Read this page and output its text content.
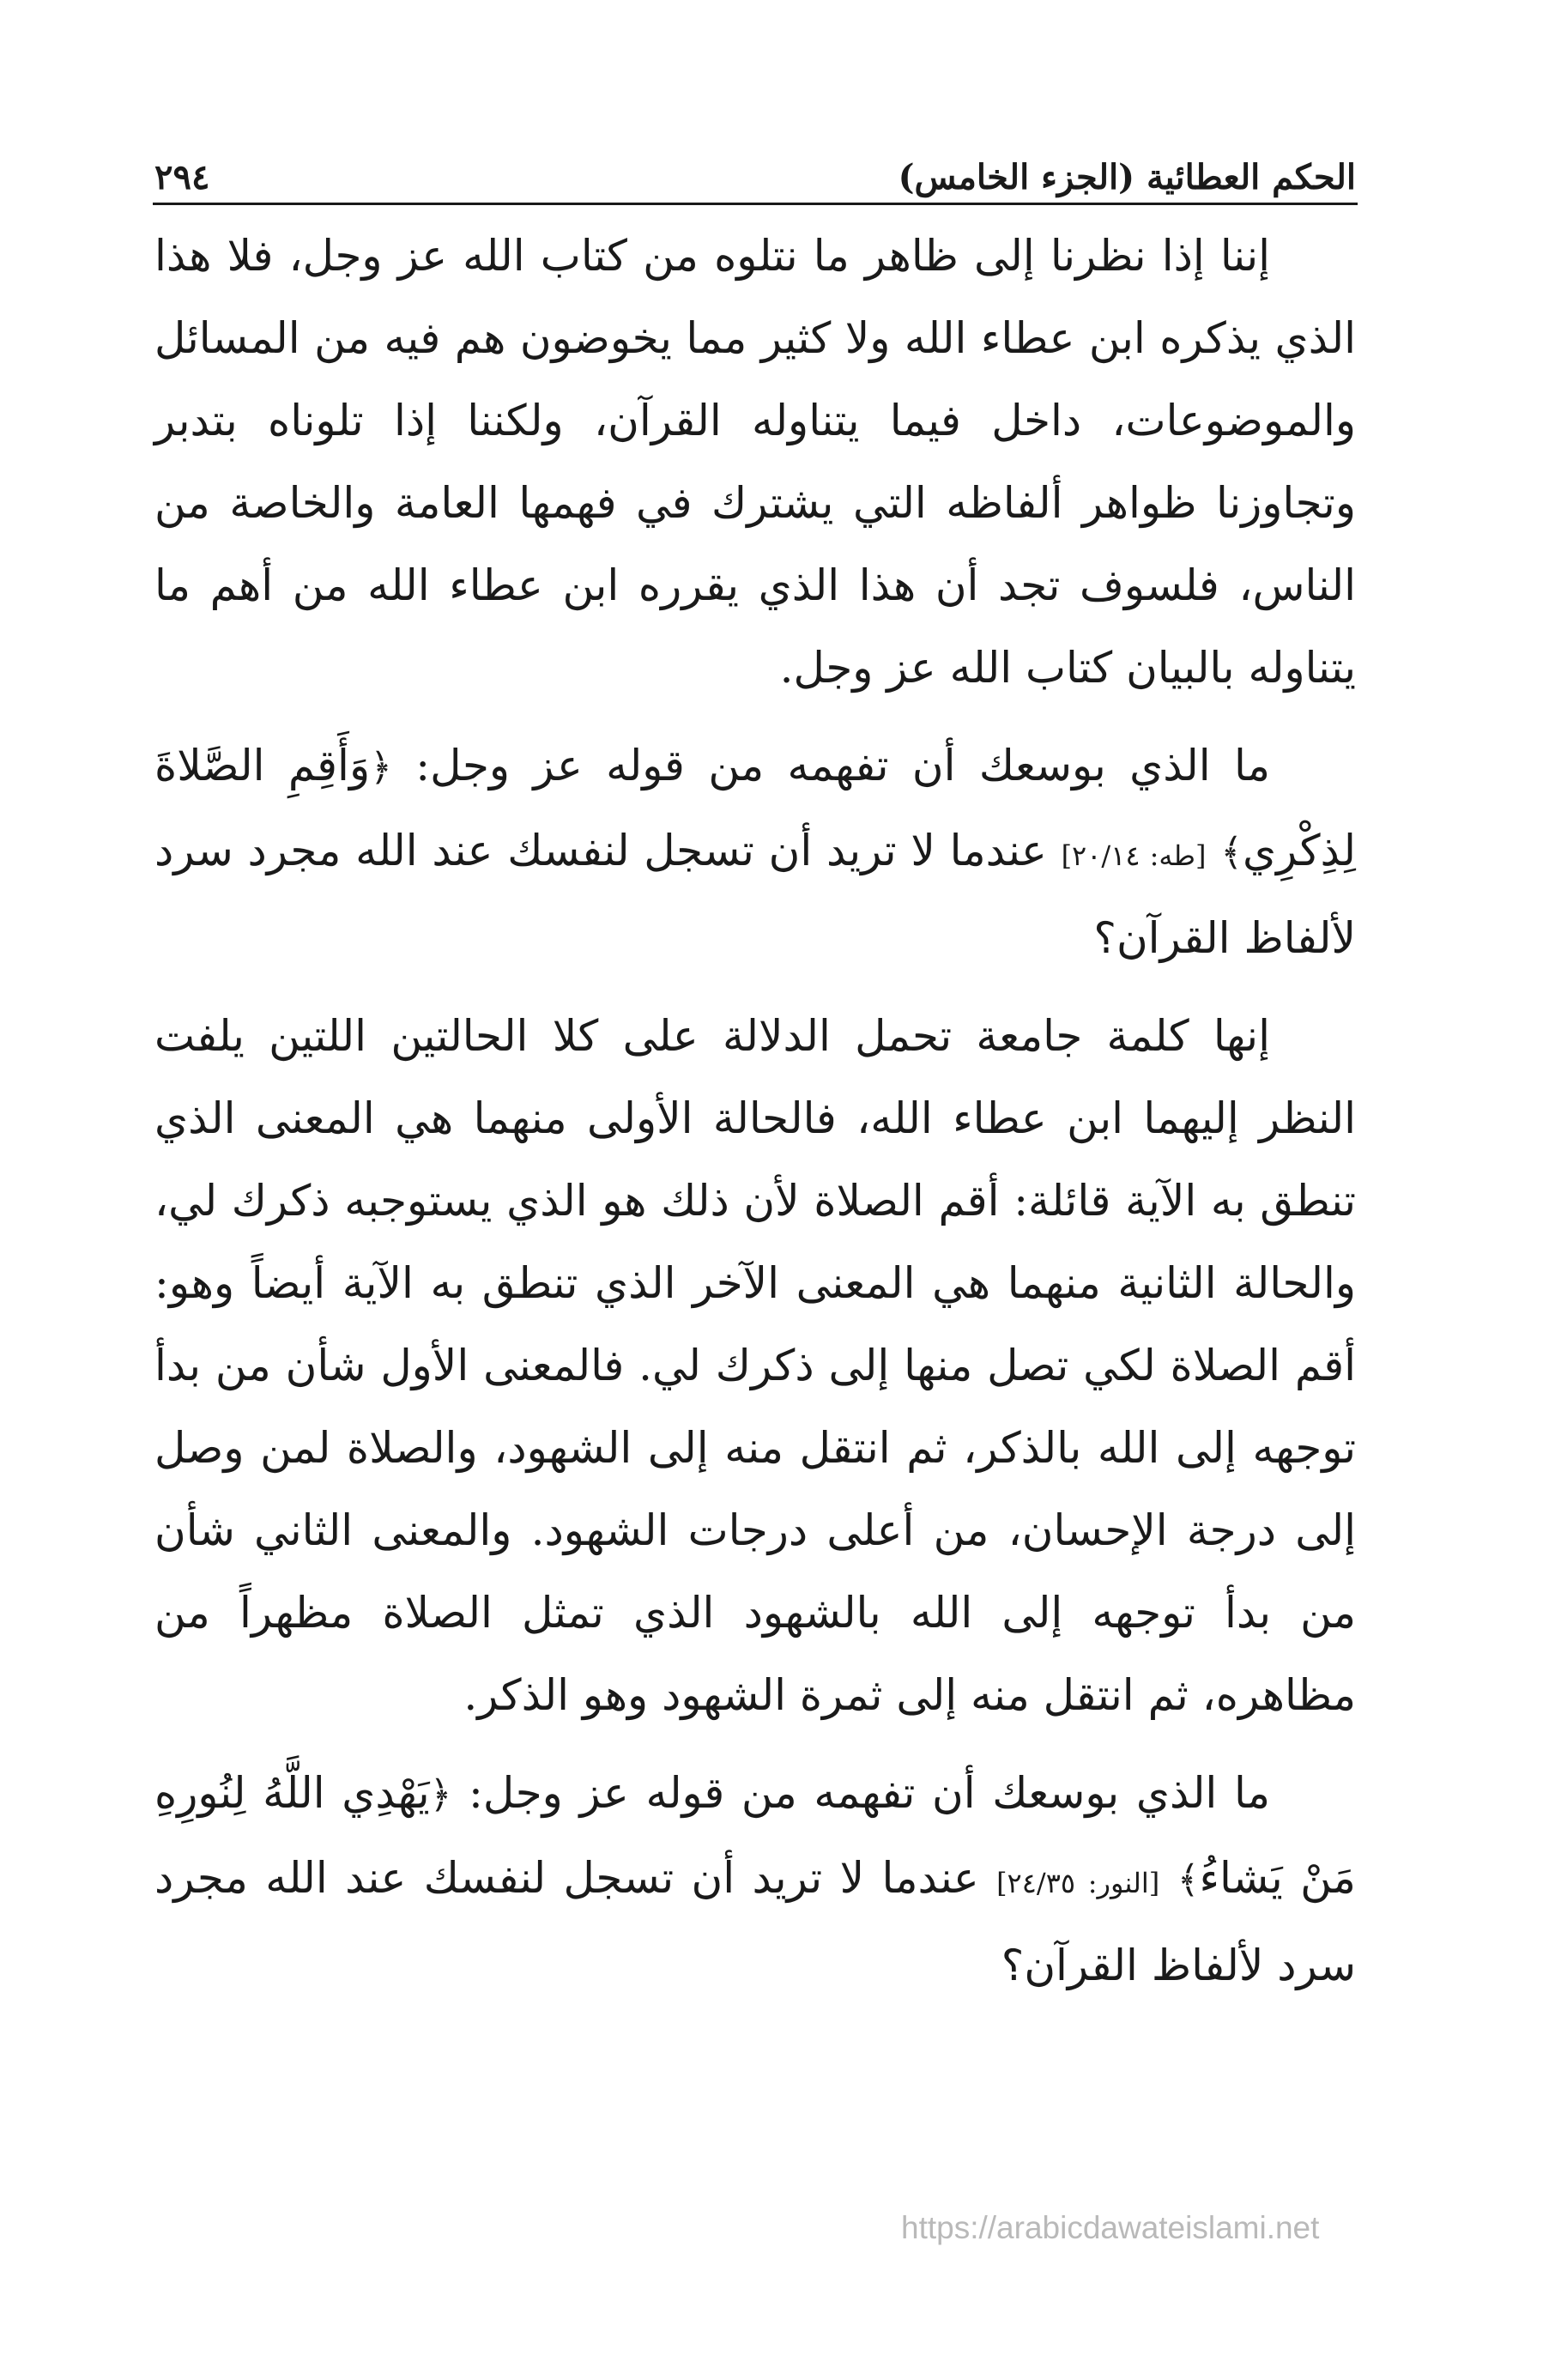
الحكم العطائية (الجزء الخامس)
٢٩٤

إننا إذا نظرنا إلى ظاهر ما نتلوه من كتاب الله عز وجل، فلا هذا الذي يذكره ابن عطاء الله ولا كثير مما يخوضون هم فيه من المسائل والموضوعات، داخل فيما يتناوله القرآن، ولكننا إذا تلوناه بتدبر وتجاوزنا ظواهر ألفاظه التي يشترك في فهمها العامة والخاصة من الناس، فلسوف تجد أن هذا الذي يقرره ابن عطاء الله من أهم ما يتناوله بالبيان كتاب الله عز وجل.

ما الذي بوسعك أن تفهمه من قوله عز وجل: ﴿وَأَقِمِ الصَّلاةَ لِذِكْرِي﴾ [طه: ٢٠/١٤] عندما لا تريد أن تسجل لنفسك عند الله مجرد سرد لألفاظ القرآن؟

إنها كلمة جامعة تحمل الدلالة على كلا الحالتين اللتين يلفت النظر إليهما ابن عطاء الله، فالحالة الأولى منهما هي المعنى الذي تنطق به الآية قائلة: أقم الصلاة لأن ذلك هو الذي يستوجبه ذكرك لي، والحالة الثانية منهما هي المعنى الآخر الذي تنطق به الآية أيضاً وهو: أقم الصلاة لكي تصل منها إلى ذكرك لي. فالمعنى الأول شأن من بدأ توجهه إلى الله بالذكر، ثم انتقل منه إلى الشهود، والصلاة لمن وصل إلى درجة الإحسان، من أعلى درجات الشهود. والمعنى الثاني شأن من بدأ توجهه إلى الله بالشهود الذي تمثل الصلاة مظهراً من مظاهره، ثم انتقل منه إلى ثمرة الشهود وهو الذكر.

ما الذي بوسعك أن تفهمه من قوله عز وجل: ﴿يَهْدِي اللَّهُ لِنُورِهِ مَنْ يَشاءُ﴾ [النور: ٢٤/٣٥] عندما لا تريد أن تسجل لنفسك عند الله مجرد سرد لألفاظ القرآن؟

https://arabicdawateislami.net
